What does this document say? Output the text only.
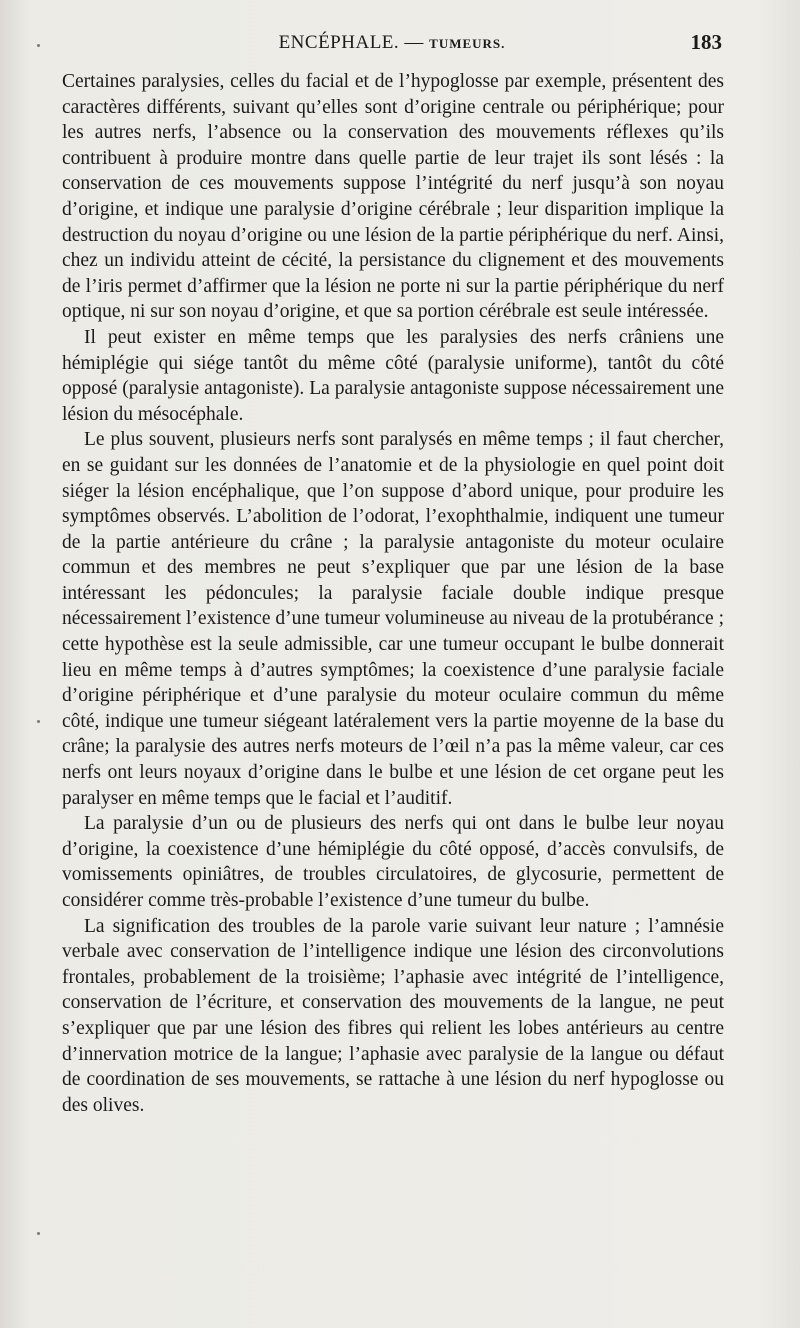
ENCÉPHALE. — TUMEURS.	183

Certaines paralysies, celles du facial et de l’hypoglosse par exemple, présentent des caractères différents, suivant qu’elles sont d’origine centrale ou périphérique; pour les autres nerfs, l’absence ou la conservation des mouvements réflexes qu’ils contribuent à produire montre dans quelle partie de leur trajet ils sont lésés : la conservation de ces mouvements suppose l’intégrité du nerf jusqu’à son noyau d’origine, et indique une paralysie d’origine cérébrale ; leur disparition implique la destruction du noyau d’origine ou une lésion de la partie périphérique du nerf. Ainsi, chez un individu atteint de cécité, la persistance du clignement et des mouvements de l’iris permet d’affirmer que la lésion ne porte ni sur la partie périphérique du nerf optique, ni sur son noyau d’origine, et que sa portion cérébrale est seule intéressée.

Il peut exister en même temps que les paralysies des nerfs crâniens une hémiplégie qui siége tantôt du même côté (paralysie uniforme), tantôt du côté opposé (paralysie antagoniste). La paralysie antagoniste suppose nécessairement une lésion du mésocéphale.

Le plus souvent, plusieurs nerfs sont paralysés en même temps ; il faut chercher, en se guidant sur les données de l’anatomie et de la physiologie en quel point doit siéger la lésion encéphalique, que l’on suppose d’abord unique, pour produire les symptômes observés. L’abolition de l’odorat, l’exophthalmie, indiquent une tumeur de la partie antérieure du crâne ; la paralysie antagoniste du moteur oculaire commun et des membres ne peut s’expliquer que par une lésion de la base intéressant les pédoncules; la paralysie faciale double indique presque nécessairement l’existence d’une tumeur volumineuse au niveau de la protubérance ; cette hypothèse est la seule admissible, car une tumeur occupant le bulbe donnerait lieu en même temps à d’autres symptômes; la coexistence d’une paralysie faciale d’origine périphérique et d’une paralysie du moteur oculaire commun du même côté, indique une tumeur siégeant latéralement vers la partie moyenne de la base du crâne; la paralysie des autres nerfs moteurs de l’œil n’a pas la même valeur, car ces nerfs ont leurs noyaux d’origine dans le bulbe et une lésion de cet organe peut les paralyser en même temps que le facial et l’auditif.

La paralysie d’un ou de plusieurs des nerfs qui ont dans le bulbe leur noyau d’origine, la coexistence d’une hémiplégie du côté opposé, d’accès convulsifs, de vomissements opiniâtres, de troubles circulatoires, de glycosurie, permettent de considérer comme très-probable l’existence d’une tumeur du bulbe.

La signification des troubles de la parole varie suivant leur nature ; l’amnésie verbale avec conservation de l’intelligence indique une lésion des circonvolutions frontales, probablement de la troisième; l’aphasie avec intégrité de l’intelligence, conservation de l’écriture, et conservation des mouvements de la langue, ne peut s’expliquer que par une lésion des fibres qui relient les lobes antérieurs au centre d’innervation motrice de la langue; l’aphasie avec paralysie de la langue ou défaut de coordination de ses mouvements, se rattache à une lésion du nerf hypoglosse ou des olives.
